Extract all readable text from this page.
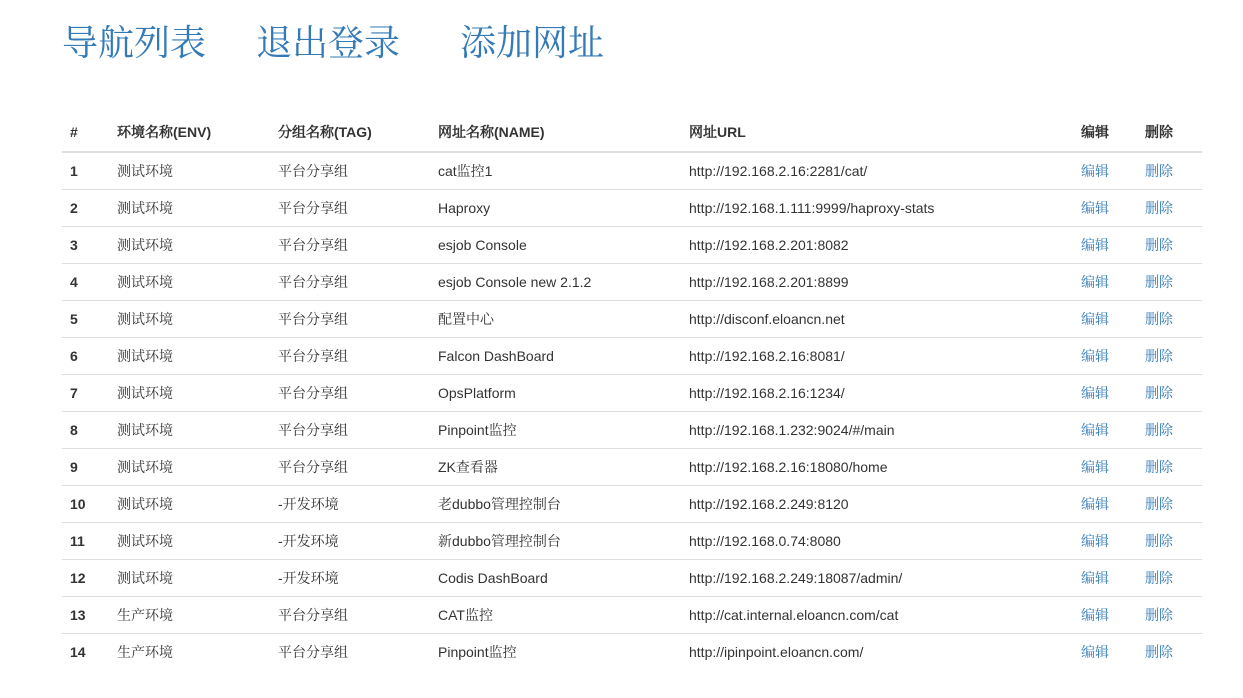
导航列表 退出登录 添加网址
#	环境名称(ENV)	分组名称(TAG)	网址名称(NAME)	网址URL	编辑	删除
1	测试环境	平台分享组	cat监控1	http://192.168.2.16:2281/cat/	编辑	删除
2	测试环境	平台分享组	Haproxy	http://192.168.1.111:9999/haproxy-stats	编辑	删除
3	测试环境	平台分享组	esjob Console	http://192.168.2.201:8082	编辑	删除
4	测试环境	平台分享组	esjob Console new 2.1.2	http://192.168.2.201:8899	编辑	删除
5	测试环境	平台分享组	配置中心	http://disconf.eloancn.net	编辑	删除
6	测试环境	平台分享组	Falcon DashBoard	http://192.168.2.16:8081/	编辑	删除
7	测试环境	平台分享组	OpsPlatform	http://192.168.2.16:1234/	编辑	删除
8	测试环境	平台分享组	Pinpoint监控	http://192.168.1.232:9024/#/main	编辑	删除
9	测试环境	平台分享组	ZK查看器	http://192.168.2.16:18080/home	编辑	删除
10	测试环境	-开发环境	老dubbo管理控制台	http://192.168.2.249:8120	编辑	删除
11	测试环境	-开发环境	新dubbo管理控制台	http://192.168.0.74:8080	编辑	删除
12	测试环境	-开发环境	Codis DashBoard	http://192.168.2.249:18087/admin/	编辑	删除
13	生产环境	平台分享组	CAT监控	http://cat.internal.eloancn.com/cat	编辑	删除
14	生产环境	平台分享组	Pinpoint监控	http://ipinpoint.eloancn.com/	编辑	删除
